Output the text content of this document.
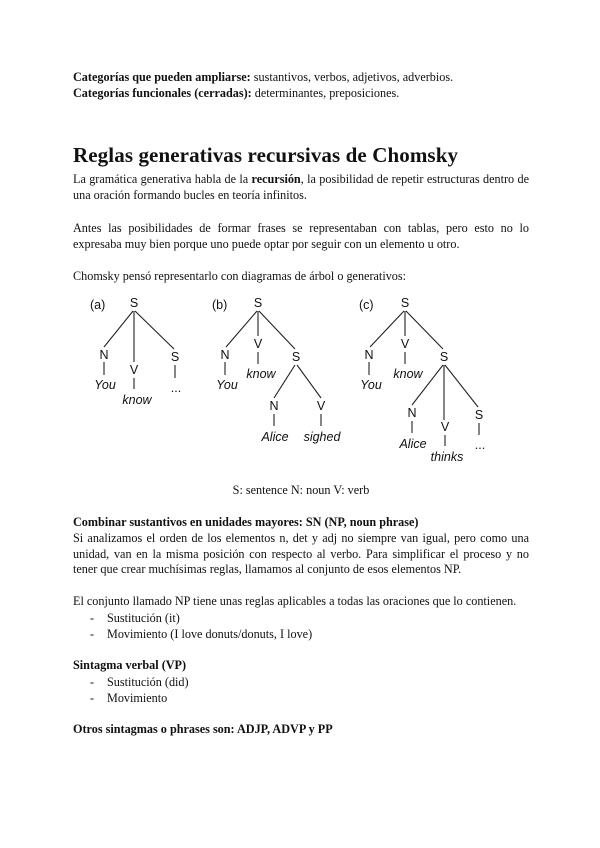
Categorías que pueden ampliarse: sustantivos, verbos, adjetivos, adverbios.

Categorías funcionales (cerradas): determinantes, preposiciones.

Reglas generativas recursivas de Chomsky

La gramática generativa habla de la recursión, la posibilidad de repetir estructuras dentro de una oración formando bucles en teoría infinitos.

Antes las posibilidades de formar frases se representaban con tablas, pero esto no lo expresaba muy bien porque uno puede optar por seguir con un elemento u otro.

Chomsky pensó representarlo con diagramas de árbol o generativos:

(a) S
N
You
V
know
S
...
(b) S
N
You
V
know
S
N
Alice
V
sighed
(c) S
N
You
V
know
S
N
Alice
V
thinks
S
...

S: sentence N: noun V: verb

Combinar sustantivos en unidades mayores: SN (NP, noun phrase)

Si analizamos el orden de los elementos n, det y adj no siempre van igual, pero como una unidad, van en la misma posición con respecto al verbo. Para simplificar el proceso y no tener que crear muchísimas reglas, llamamos al conjunto de esos elementos NP.

El conjunto llamado NP tiene unas reglas aplicables a todas las oraciones que lo contienen.

- Sustitución (it)
- Movimiento (I love donuts/donuts, I love)

Sintagma verbal (VP)

- Sustitución (did)
- Movimiento

Otros sintagmas o phrases son: ADJP, ADVP y PP
